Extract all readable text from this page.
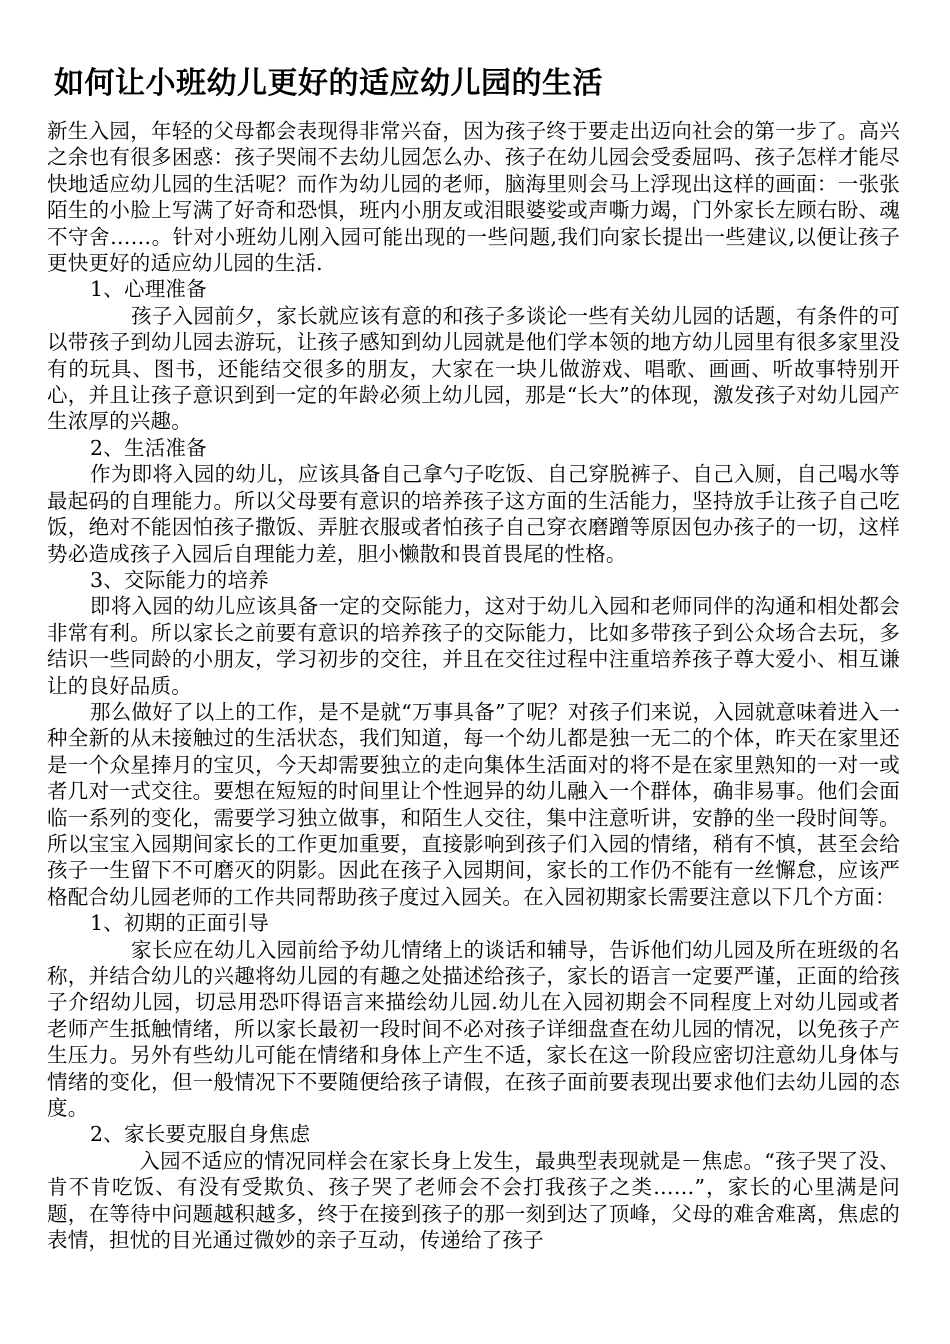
如何让小班幼儿更好的适应幼儿园的生活

新生入园，年轻的父母都会表现得非常兴奋，因为孩子终于要走出迈向社会的第一步了。高兴之余也有很多困惑：孩子哭闹不去幼儿园怎么办、孩子在幼儿园会受委屈吗、孩子怎样才能尽快地适应幼儿园的生活呢？而作为幼儿园的老师，脑海里则会马上浮现出这样的画面：一张张陌生的小脸上写满了好奇和恐惧，班内小朋友或泪眼婆娑或声嘶力竭，门外家长左顾右盼、魂不守舍……。针对小班幼儿刚入园可能出现的一些问题,我们向家长提出一些建议,以便让孩子更快更好的适应幼儿园的生活.

1、心理准备

孩子入园前夕，家长就应该有意的和孩子多谈论一些有关幼儿园的话题，有条件的可以带孩子到幼儿园去游玩，让孩子感知到幼儿园就是他们学本领的地方幼儿园里有很多家里没有的玩具、图书，还能结交很多的朋友，大家在一块儿做游戏、唱歌、画画、听故事特别开心，并且让孩子意识到到一定的年龄必须上幼儿园，那是“长大”的体现，激发孩子对幼儿园产生浓厚的兴趣。

2、生活准备

作为即将入园的幼儿，应该具备自己拿勺子吃饭、自己穿脱裤子、自己入厕，自己喝水等最起码的自理能力。所以父母要有意识的培养孩子这方面的生活能力，坚持放手让孩子自己吃饭，绝对不能因怕孩子撒饭、弄脏衣服或者怕孩子自己穿衣磨蹭等原因包办孩子的一切，这样势必造成孩子入园后自理能力差，胆小懒散和畏首畏尾的性格。

3、交际能力的培养

即将入园的幼儿应该具备一定的交际能力，这对于幼儿入园和老师同伴的沟通和相处都会非常有利。所以家长之前要有意识的培养孩子的交际能力，比如多带孩子到公众场合去玩，多结识一些同龄的小朋友，学习初步的交往，并且在交往过程中注重培养孩子尊大爱小、相互谦让的良好品质。

那么做好了以上的工作，是不是就“万事具备”了呢？对孩子们来说，入园就意味着进入一种全新的从未接触过的生活状态，我们知道，每一个幼儿都是独一无二的个体，昨天在家里还是一个众星捧月的宝贝，今天却需要独立的走向集体生活面对的将不是在家里熟知的一对一或者几对一式交往。要想在短短的时间里让个性迥异的幼儿融入一个群体，确非易事。他们会面临一系列的变化，需要学习独立做事，和陌生人交往，集中注意听讲，安静的坐一段时间等。所以宝宝入园期间家长的工作更加重要，直接影响到孩子们入园的情绪，稍有不慎，甚至会给孩子一生留下不可磨灭的阴影。因此在孩子入园期间，家长的工作仍不能有一丝懈怠，应该严格配合幼儿园老师的工作共同帮助孩子度过入园关。在入园初期家长需要注意以下几个方面：

1、初期的正面引导

家长应在幼儿入园前给予幼儿情绪上的谈话和辅导，告诉他们幼儿园及所在班级的名称，并结合幼儿的兴趣将幼儿园的有趣之处描述给孩子，家长的语言一定要严谨，正面的给孩子介绍幼儿园，切忌用恐吓得语言来描绘幼儿园.幼儿在入园初期会不同程度上对幼儿园或者老师产生抵触情绪，所以家长最初一段时间不必对孩子详细盘查在幼儿园的情况，以免孩子产生压力。另外有些幼儿可能在情绪和身体上产生不适，家长在这一阶段应密切注意幼儿身体与情绪的变化，但一般情况下不要随便给孩子请假，在孩子面前要表现出要求他们去幼儿园的态度。

2、家长要克服自身焦虑

入园不适应的情况同样会在家长身上发生，最典型表现就是－焦虑。“孩子哭了没、肯不肯吃饭、有没有受欺负、孩子哭了老师会不会打我孩子之类……”，家长的心里满是问题，在等待中问题越积越多，终于在接到孩子的那一刻到达了顶峰，父母的难舍难离，焦虑的表情，担忧的目光通过微妙的亲子互动，传递给了孩子
